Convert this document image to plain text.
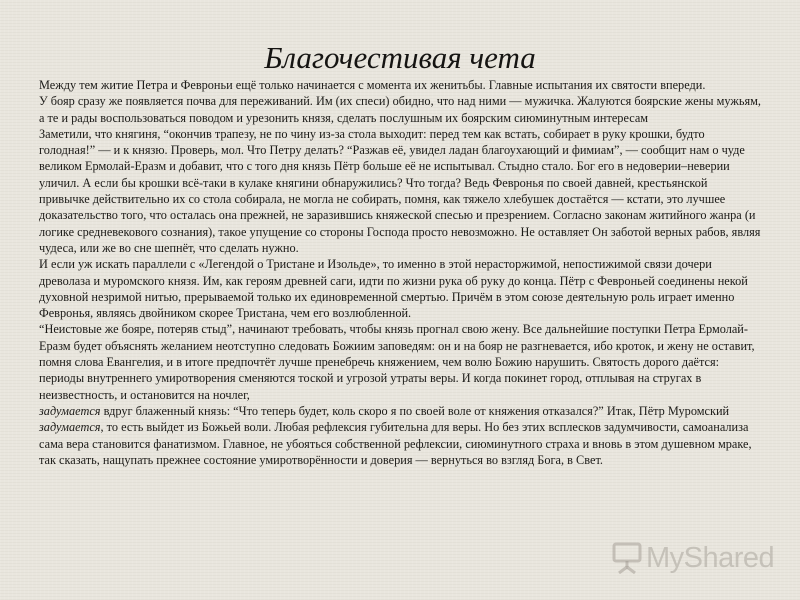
Благочестивая чета

Между тем житие Петра и Февроньи ещё только начинается с момента их женитьбы. Главные испытания их святости впереди.

У бояр сразу же появляется почва для переживаний. Им (их спеси) обидно, что над ними — мужичка. Жалуются боярские жены мужьям, а те и рады воспользоваться поводом и урезонить князя, сделать послушным их боярским сиюминутным интересам

Заметили, что княгиня, “окончив трапезу, не по чину из-за стола выходит: перед тем как встать, собирает в руку крошки, будто голодная!” — и к князю. Проверь, мол. Что Петру делать? “Разжав её, увидел ладан благоухающий и фимиам”, — сообщит нам о чуде великом Ермолай-Еразм и добавит, что с того дня князь Пётр больше её не испытывал. Стыдно стало. Бог его в недоверии–неверии уличил. А если бы крошки всё-таки в кулаке княгини обнаружились? Что тогда? Ведь Февронья по своей давней, крестьянской привычке действительно их со стола собирала, не могла не собирать, помня, как тяжело хлебушек достаётся — кстати, это лучшее доказательство того, что осталась она прежней, не заразившись княжеской спесью и презрением. Согласно законам житийного жанра (и логике средневекового сознания), такое упущение со стороны Господа просто невозможно. Не оставляет Он заботой верных рабов, являя чудеса, или же во сне шепнёт, что сделать нужно.

И если уж искать параллели с «Легендой о Тристане и Изольде», то именно в этой нерасторжимой, непостижимой связи дочери древолаза и муромского князя. Им, как героям древней саги, идти по жизни рука об руку до конца. Пётр с Февроньей соединены некой духовной незримой нитью, прерываемой только их единовременной смертью. Причём в этом союзе деятельную роль играет именно Февронья, являясь двойником скорее Тристана, чем его возлюбленной.

“Неистовые же бояре, потеряв стыд”, начинают требовать, чтобы князь прогнал свою жену. Все дальнейшие поступки Петра Ермолай-Еразм будет объяснять желанием неотступно следовать Божиим заповедям: он и на бояр не разгневается, ибо кроток, и жену не оставит, помня слова Евангелия, и в итоге предпочтёт лучше пренебречь княжением, чем волю Божию нарушить. Святость дорого даётся: периоды внутреннего умиротворения сменяются тоской и угрозой утраты веры. И когда покинет город, отплывая на стругах в неизвестность, и остановится на ночлег,

задумается вдруг блаженный князь: “Что теперь будет, коль скоро я по своей воле от княжения отказался?” Итак, Пётр Муромский задумается, то есть выйдет из Божьей воли. Любая рефлексия губительна для веры. Но без этих всплесков задумчивости, самоанализа сама вера становится фанатизмом. Главное, не убояться собственной рефлексии, сиюминутного страха и вновь в этом душевном мраке, так сказать, нащупать прежнее состояние умиротворённости и доверия — вернуться во взгляд Бога, в Свет.

MyShared
